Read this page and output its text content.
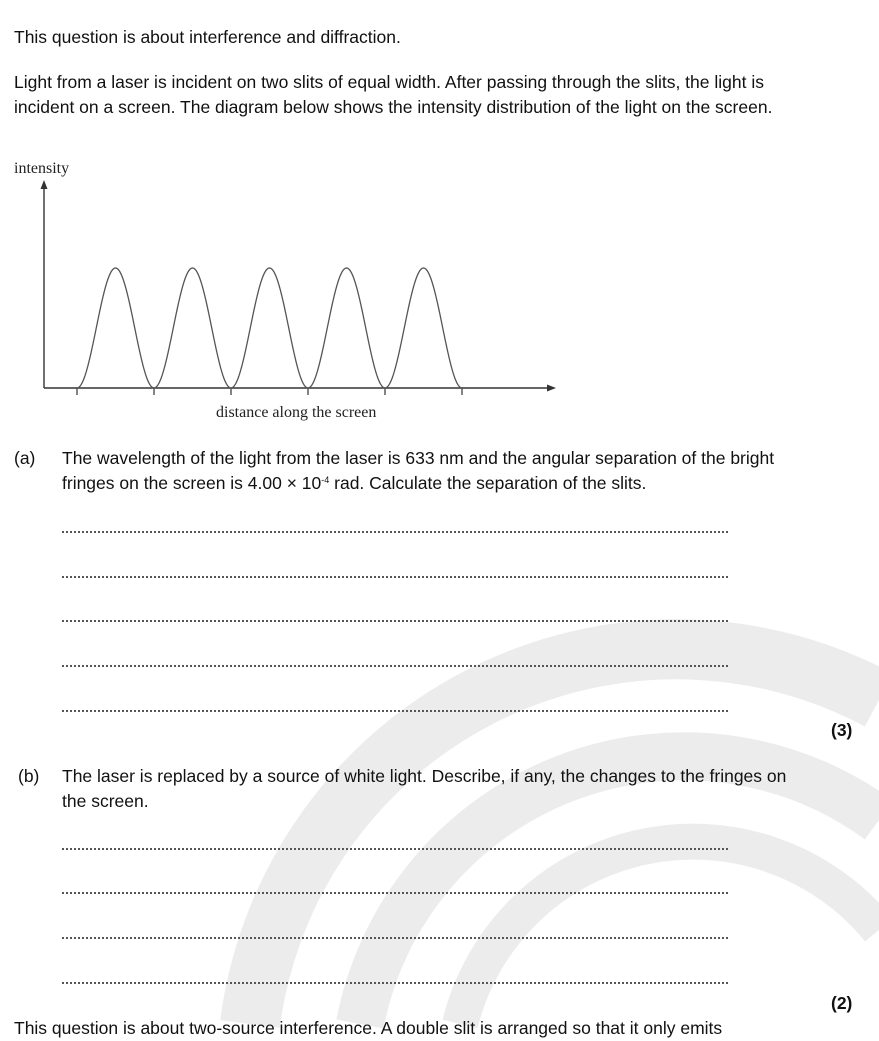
This question is about interference and diffraction.
Light from a laser is incident on two slits of equal width. After passing through the slits, the light is incident on a screen. The diagram below shows the intensity distribution of the light on the screen.
intensity
distance along the screen
(a) The wavelength of the light from the laser is 633 nm and the angular separation of the bright fringes on the screen is $4.00 \times 10^{-4}$ rad. Calculate the separation of the slits.
(3)
(b) The laser is replaced by a source of white light. Describe, if any, the changes to the fringes on the screen.
(2)
This question is about two-source interference. A double slit is arranged so that it only emits
